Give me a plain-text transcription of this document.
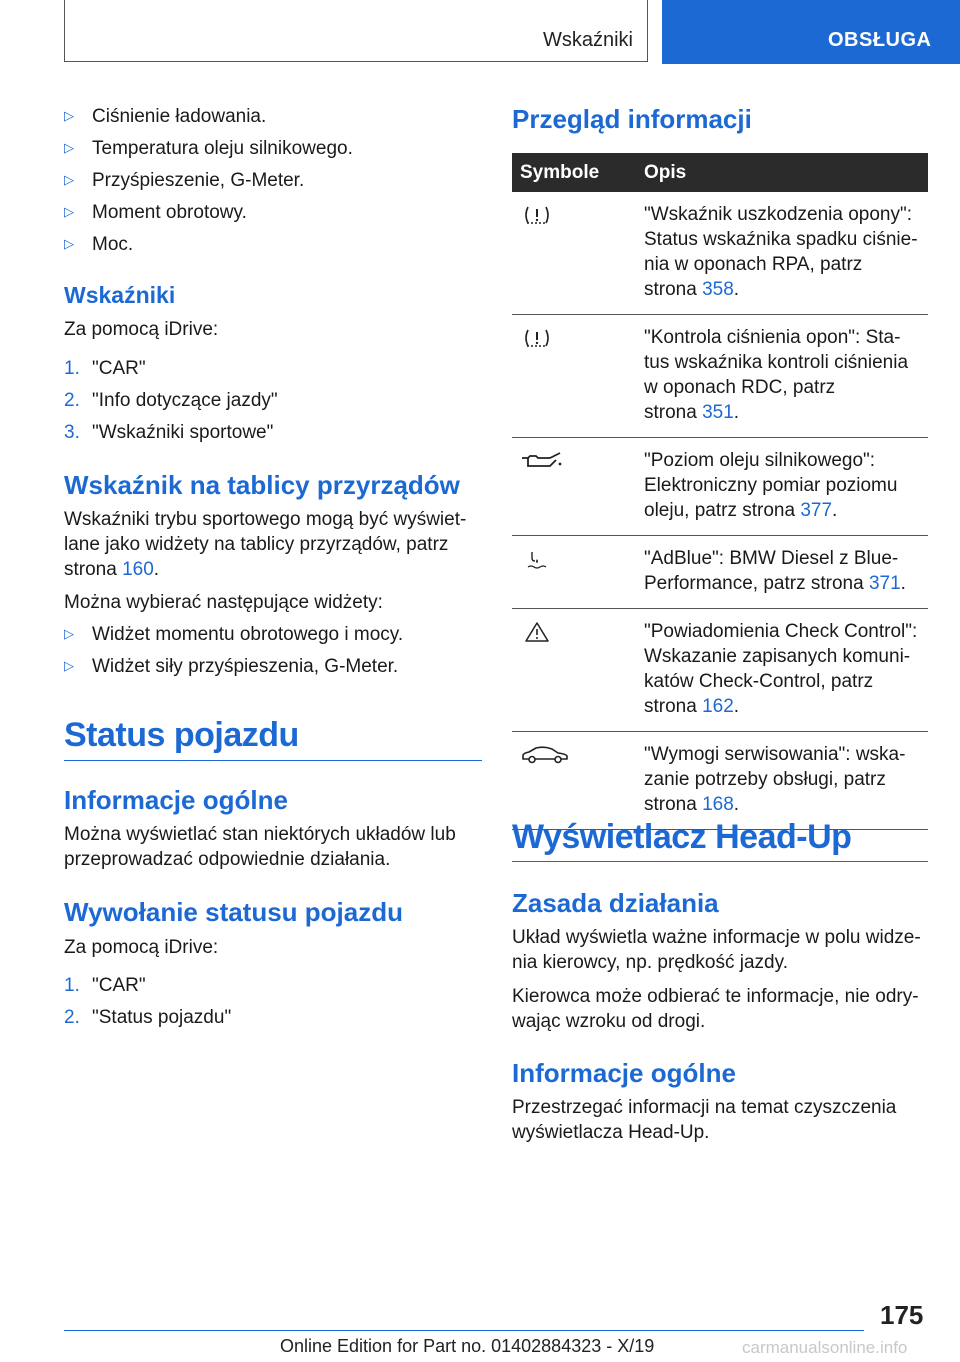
Wskaźniki	OBSŁUGA
▷ Ciśnienie ładowania.
▷ Temperatura oleju silnikowego.
▷ Przyśpieszenie, G-Meter.
▷ Moment obrotowy.
▷ Moc.
Wskaźniki

Za pomocą iDrive:

1. "CAR"
2. "Info dotyczące jazdy"
3. "Wskaźniki sportowe"
Wskaźnik na tablicy przyrządów

Wskaźniki trybu sportowego mogą być wyświet-

lane jako widżety na tablicy przyrządów, patrz

strona 160.

Można wybierać następujące widżety:

▷ Widżet momentu obrotowego i mocy.
▷ Widżet siły przyśpieszenia, G-Meter.
Status pojazdu
Informacje ogólne

Można wyświetlać stan niektórych układów lub

przeprowadzać odpowiednie działania.

Wywołanie statusu pojazdu

Za pomocą iDrive:

1. "CAR"
2. "Status pojazdu"
Przegląd informacji
Symbole Opis
"Wskaźnik uszkodzenia opony":
Status wskaźnika spadku ciśnie-
nia w oponach RPA, patrz
strona 358.
"Kontrola ciśnienia opon": Sta-
tus wskaźnika kontroli ciśnienia
w oponach RDC, patrz
strona 351.
"Poziom oleju silnikowego":
Elektroniczny pomiar poziomu
oleju, patrz strona 377.
"AdBlue": BMW Diesel z Blue-
Performance, patrz strona 371.
"Powiadomienia Check Control":
Wskazanie zapisanych komuni-
katów Check-Control, patrz
strona 162.
"Wymogi serwisowania": wska-
zanie potrzeby obsługi, patrz
strona 168.
Wyświetlacz Head-Up
Zasada działania

Układ wyświetla ważne informacje w polu widze-

nia kierowcy, np. prędkość jazdy.

Kierowca może odbierać te informacje, nie odry-

wając wzroku od drogi.

Informacje ogólne

Przestrzegać informacji na temat czyszczenia

wyświetlacza Head-Up.

175
Online Edition for Part no. 01402884323 - X/19	carmanualsonline.info
